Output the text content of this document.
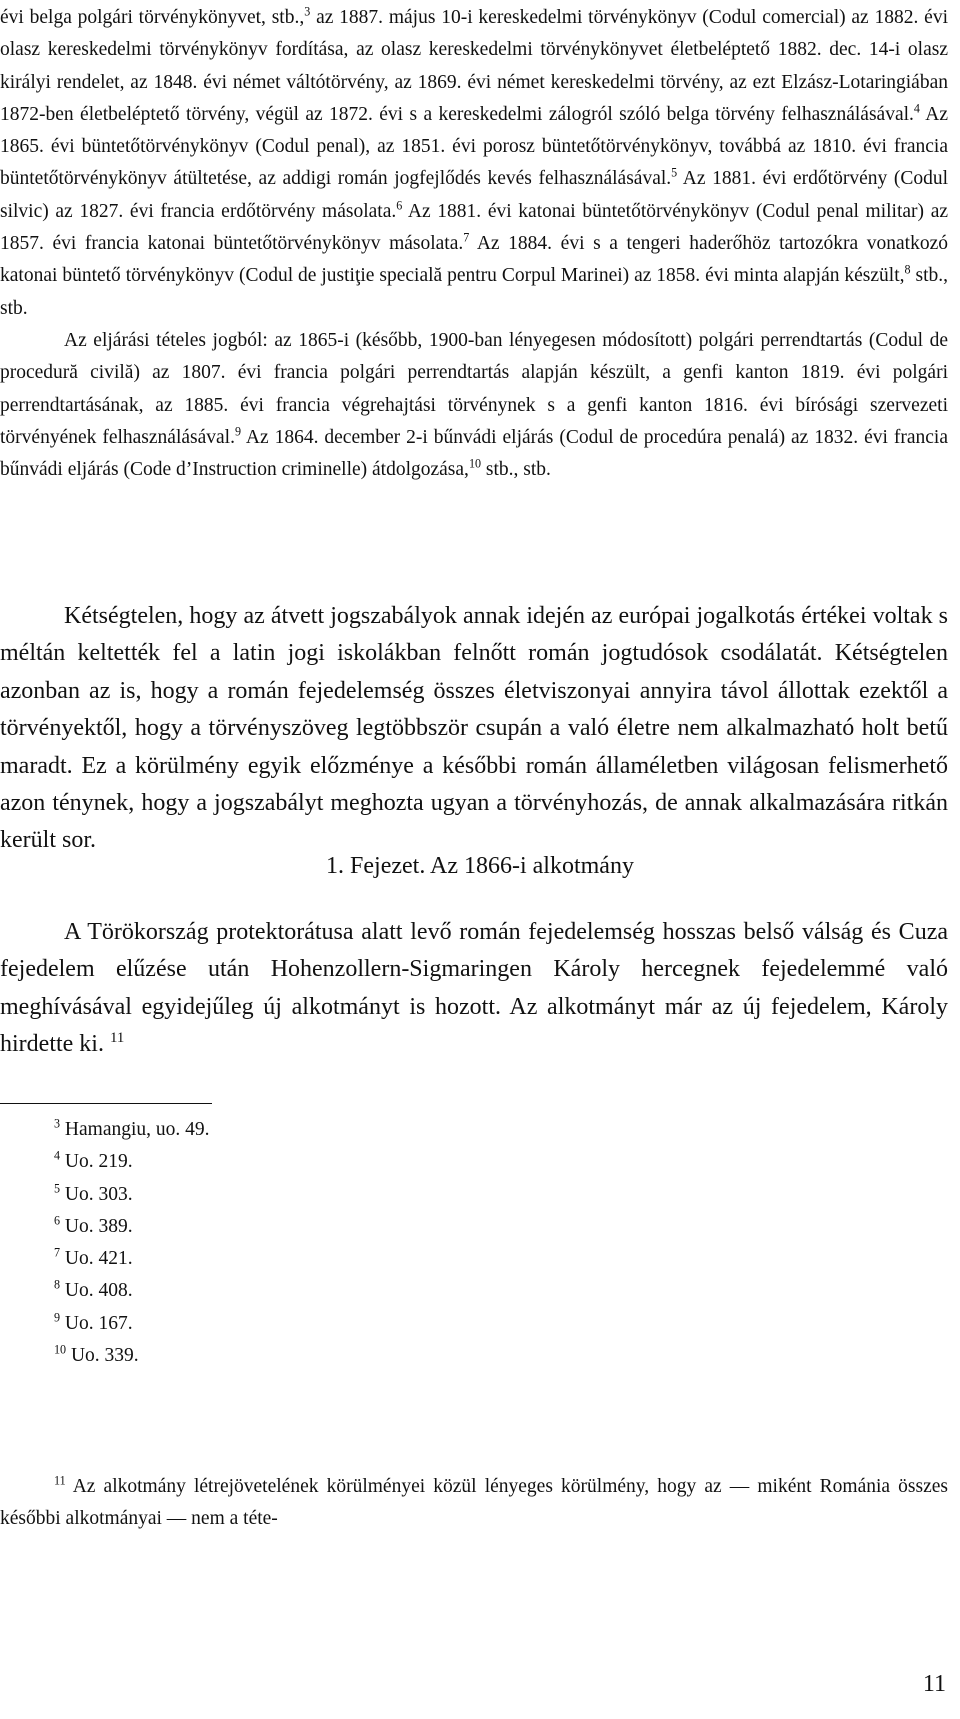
évi belga polgári törvénykönyvet, stb.,$^3$ az 1887. május 10-i kereskedelmi törvénykönyv (Codul comercial) az 1882. évi olasz kereskedelmi törvénykönyv fordítása, az olasz kereskedelmi törvénykönyvet életbeléptető 1882. dec. 14-i olasz királyi rendelet, az 1848. évi német váltótörvény, az 1869. évi német kereskedelmi törvény, az ezt Elzász-Lotaringiában 1872-ben életbeléptető törvény, végül az 1872. évi s a kereskedelmi zálogról szóló belga törvény felhasználásával.$^4$ Az 1865. évi büntetőtörvénykönyv (Codul penal), az 1851. évi porosz büntetőtörvénykönyv, továbbá az 1810. évi francia büntetőtörvénykönyv átültetése, az addigi román jogfejlődés kevés felhasználásával.$^5$ Az 1881. évi erdőtörvény (Codul silvic) az 1827. évi francia erdőtörvény másolata.$^6$ Az 1881. évi katonai büntetőtörvénykönyv (Codul penal militar) az 1857. évi francia katonai büntetőtörvénykönyv másolata.$^7$ Az 1884. évi s a tengeri haderőhöz tartozókra vonatkozó katonai büntető törvénykönyv (Codul de justiţie specială pentru Corpul Marinei) az 1858. évi minta alapján készült,$^8$ stb., stb.

Az eljárási tételes jogból: az 1865-i (később, 1900-ban lényegesen módosított) polgári perrendtartás (Codul de procedură civilă) az 1807. évi francia polgári perrendtartás alapján készült, a genfi kanton 1819. évi polgári perrendtartásának, az 1885. évi francia végrehajtási törvénynek s a genfi kanton 1816. évi bírósági szervezeti törvényének felhasználásával.$^9$ Az 1864. december 2-i bűnvádi eljárás (Codul de procedúra penalá) az 1832. évi francia bűnvádi eljárás (Code d’Instruction criminelle) átdolgozása,$^{10}$ stb., stb.

Kétségtelen, hogy az átvett jogszabályok annak idején az európai jogalkotás értékei voltak s méltán keltették fel a latin jogi iskolákban felnőtt román jogtudósok csodálatát. Kétségtelen azonban az is, hogy a román fejedelemség összes életviszonyai annyira távol állottak ezektől a törvényektől, hogy a törvényszöveg legtöbbször csupán a való életre nem alkalmazható holt betű maradt. Ez a körülmény egyik előzménye a későbbi román államéletben világosan felismerhető azon ténynek, hogy a jogszabályt meghozta ugyan a törvényhozás, de annak alkalmazására ritkán került sor.

1. Fejezet. Az 1866-i alkotmány

A Törökország protektorátusa alatt levő román fejedelemség hosszas belső válság és Cuza fejedelem elűzése után Hohenzollern-Sigmaringen Károly hercegnek fejedelemmé való meghívásával egyidejűleg új alkotmányt is hozott. Az alkotmányt már az új fejedelem, Károly hirdette ki. $^{11}$

$^3$ Hamangiu, uo. 49.
$^4$ Uo. 219.
$^5$ Uo. 303.
$^6$ Uo. 389.
$^7$ Uo. 421.
$^8$ Uo. 408.
$^9$ Uo. 167.
$^{10}$ Uo. 339.

$^{11}$ Az alkotmány létrejövetelének körülményei közül lényeges körülmény, hogy az — miként Románia összes későbbi alkotmányai — nem a téte-

11
